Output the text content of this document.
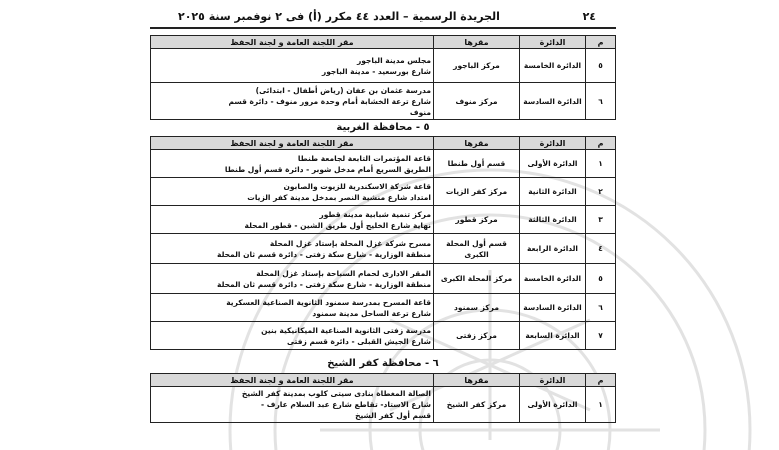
٢٤
الجريدة الرسمية – العدد ٤٤ مكرر (أ) فى ٢ نوفمبر سنة ٢٠٢٥
م	الدائرة	مقرها	مقر اللجنة العامة و لجنة الحفظ
٥	الدائرة الخامسة	مركز الباجور	مجلس مدينة الباجور
شارع بورسعيد - مدينة الباجور

٦	الدائرة السادسة	مركز منوف	مدرسة عثمان بن عفان (رياض أطفال - ابتدائى)
شارع ترعة الخشابة أمام وحدة مرور منوف - دائرة قسم
منوف
٥ - محافظة الغربية
م	الدائرة	مقرها	مقر اللجنة العامة و لجنة الحفظ
١	الدائرة الأولى	قسم أول طنطا	قاعة المؤتمرات التابعة لجامعة طنطا
الطريق السريع أمام مدخل شوبر - دائرة قسم أول طنطا

٢	الدائرة الثانية	مركز كفر الزيات	قاعة شركة الاسكندرية للزيوت والصابون
امتداد شارع منشية النصر بمدخل مدينة كفر الزيات

٣	الدائرة الثالثة	مركز قطور	مركز تنمية شبابية مدينة قطور
نهاية شارع الخليج أول طريق الشين - قطور المحلة

٤	الدائرة الرابعة	قسم أول المحلة الكبرى	مسرح شركة غزل المحلة بإستاد غزل المحلة
منطقة الوزارية - شارع سكة زفتى - دائرة قسم ثان المحلة

٥	الدائرة الخامسة	مركز المحلة الكبرى	المقر الادارى لحمام السباحة بإستاد غزل المحلة
منطقة الوزارية - شارع سكة زفتى - دائرة قسم ثان المحلة

٦	الدائرة السادسة	مركز سمنود	قاعة المسرح بمدرسة سمنود الثانوية الصناعية العسكرية
شارع ترعة الساحل مدينة سمنود

٧	الدائرة السابعة	مركز زفتى	مدرسة زفتى الثانوية الصناعية الميكانيكية بنين
شارع الجيش القبلى - دائرة قسم زفتى
٦ - محافظة كفر الشيخ
م	الدائرة	مقرها	مقر اللجنة العامة و لجنة الحفظ
١	الدائرة الأولى	مركز كفر الشيخ	الصالة المغطاة بنادى سيتى كلوب بمدينة كفر الشيخ
شارع الاستاد- تقاطع شارع عبد السلام عارف -
قسم أول كفر الشيخ
